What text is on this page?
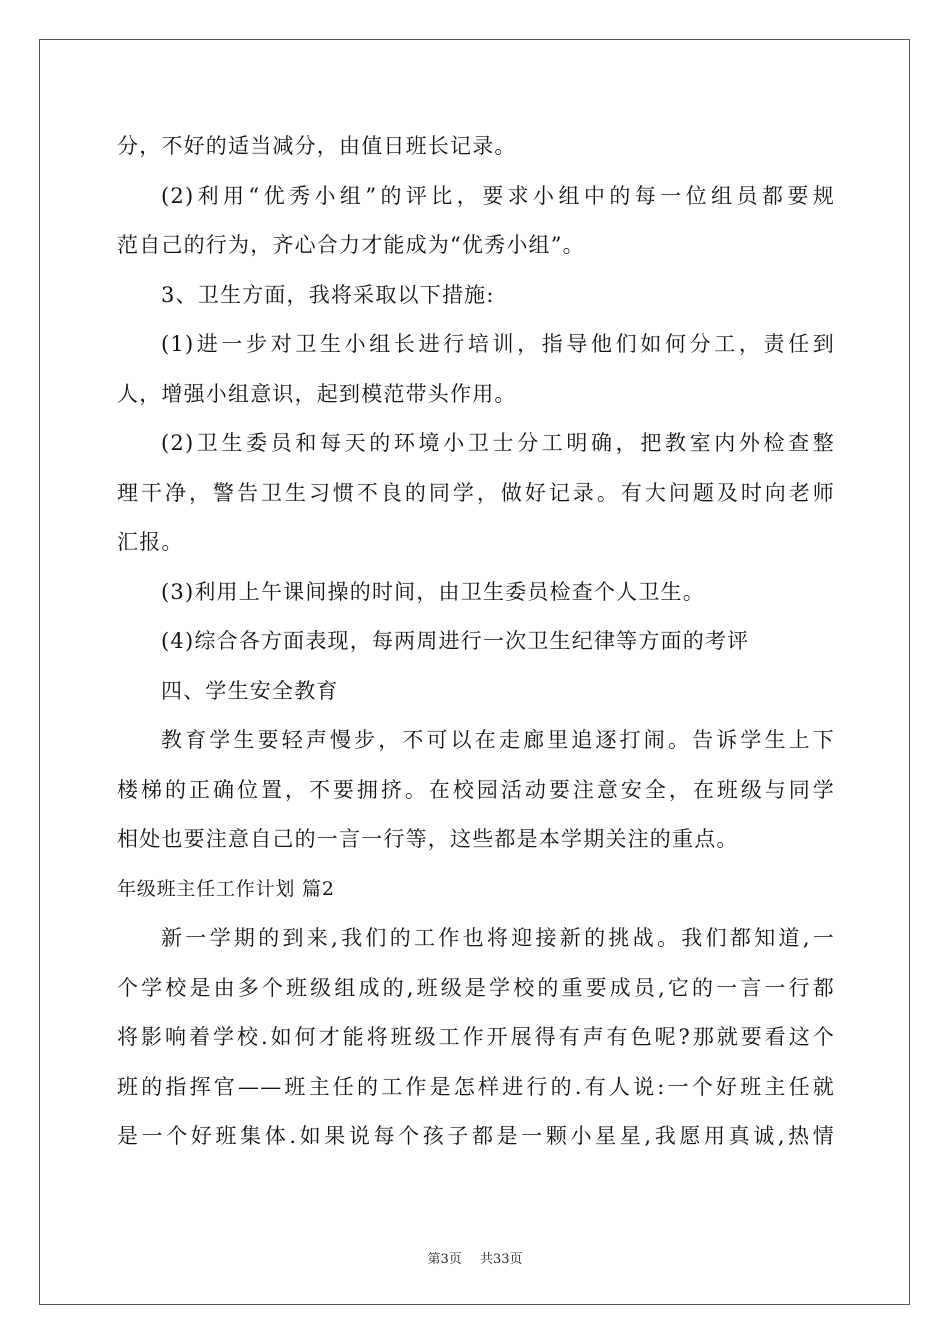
分，不好的适当减分，由值日班长记录。
(2)利用“优秀小组”的评比，要求小组中的每一位组员都要规
范自己的行为，齐心合力才能成为“优秀小组”。
3、卫生方面，我将采取以下措施:
(1)进一步对卫生小组长进行培训，指导他们如何分工，责任到
人，增强小组意识，起到模范带头作用。
(2)卫生委员和每天的环境小卫士分工明确，把教室内外检查整
理干净，警告卫生习惯不良的同学，做好记录。有大问题及时向老师
汇报。
(3)利用上午课间操的时间，由卫生委员检查个人卫生。
(4)综合各方面表现，每两周进行一次卫生纪律等方面的考评
四、学生安全教育
教育学生要轻声慢步，不可以在走廊里追逐打闹。告诉学生上下
楼梯的正确位置，不要拥挤。在校园活动要注意安全，在班级与同学
相处也要注意自己的一言一行等，这些都是本学期关注的重点。
年级班主任工作计划 篇2
新一学期的到来,我们的工作也将迎接新的挑战。我们都知道,一
个学校是由多个班级组成的,班级是学校的重要成员,它的一言一行都
将影响着学校.如何才能将班级工作开展得有声有色呢?那就要看这个
班的指挥官——班主任的工作是怎样进行的.有人说:一个好班主任就
是一个好班集体.如果说每个孩子都是一颗小星星,我愿用真诚,热情
第3页 共33页
